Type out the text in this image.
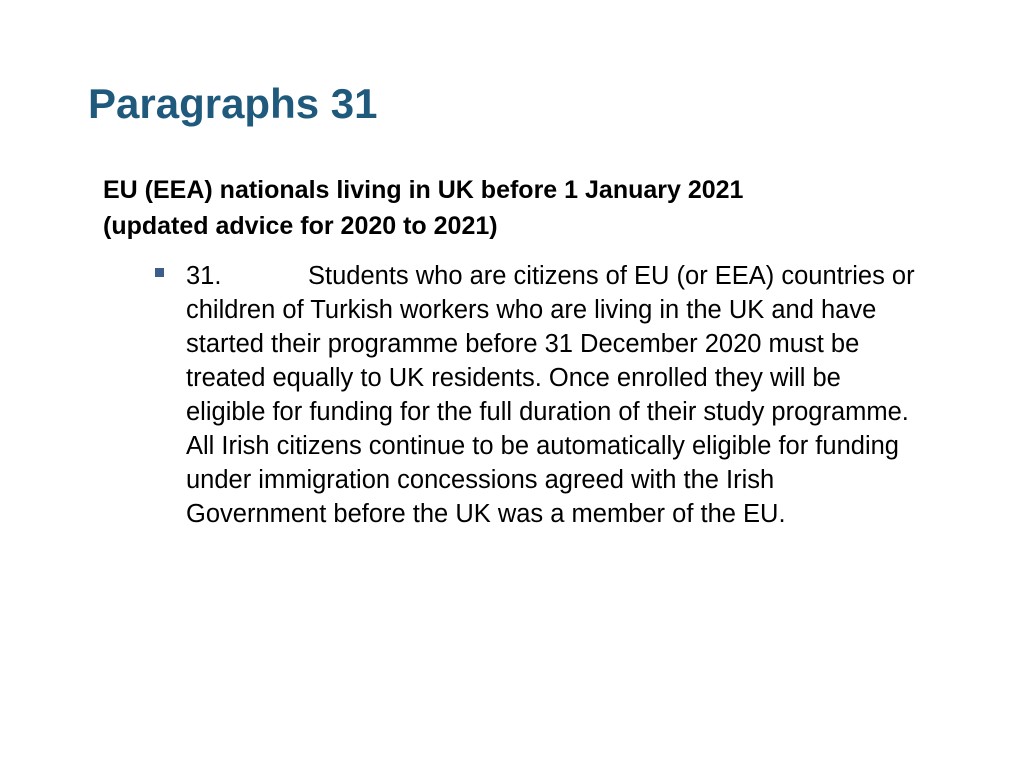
Paragraphs 31
EU (EEA) nationals living in UK before 1 January 2021
(updated advice for 2020 to 2021)
31.	Students who are citizens of EU (or EEA) countries or children of Turkish workers who are living in the UK and have started their programme before 31 December 2020 must be treated equally to UK residents. Once enrolled they will be eligible for funding for the full duration of their study programme. All Irish citizens continue to be automatically eligible for funding under immigration concessions agreed with the Irish Government before the UK was a member of the EU.
